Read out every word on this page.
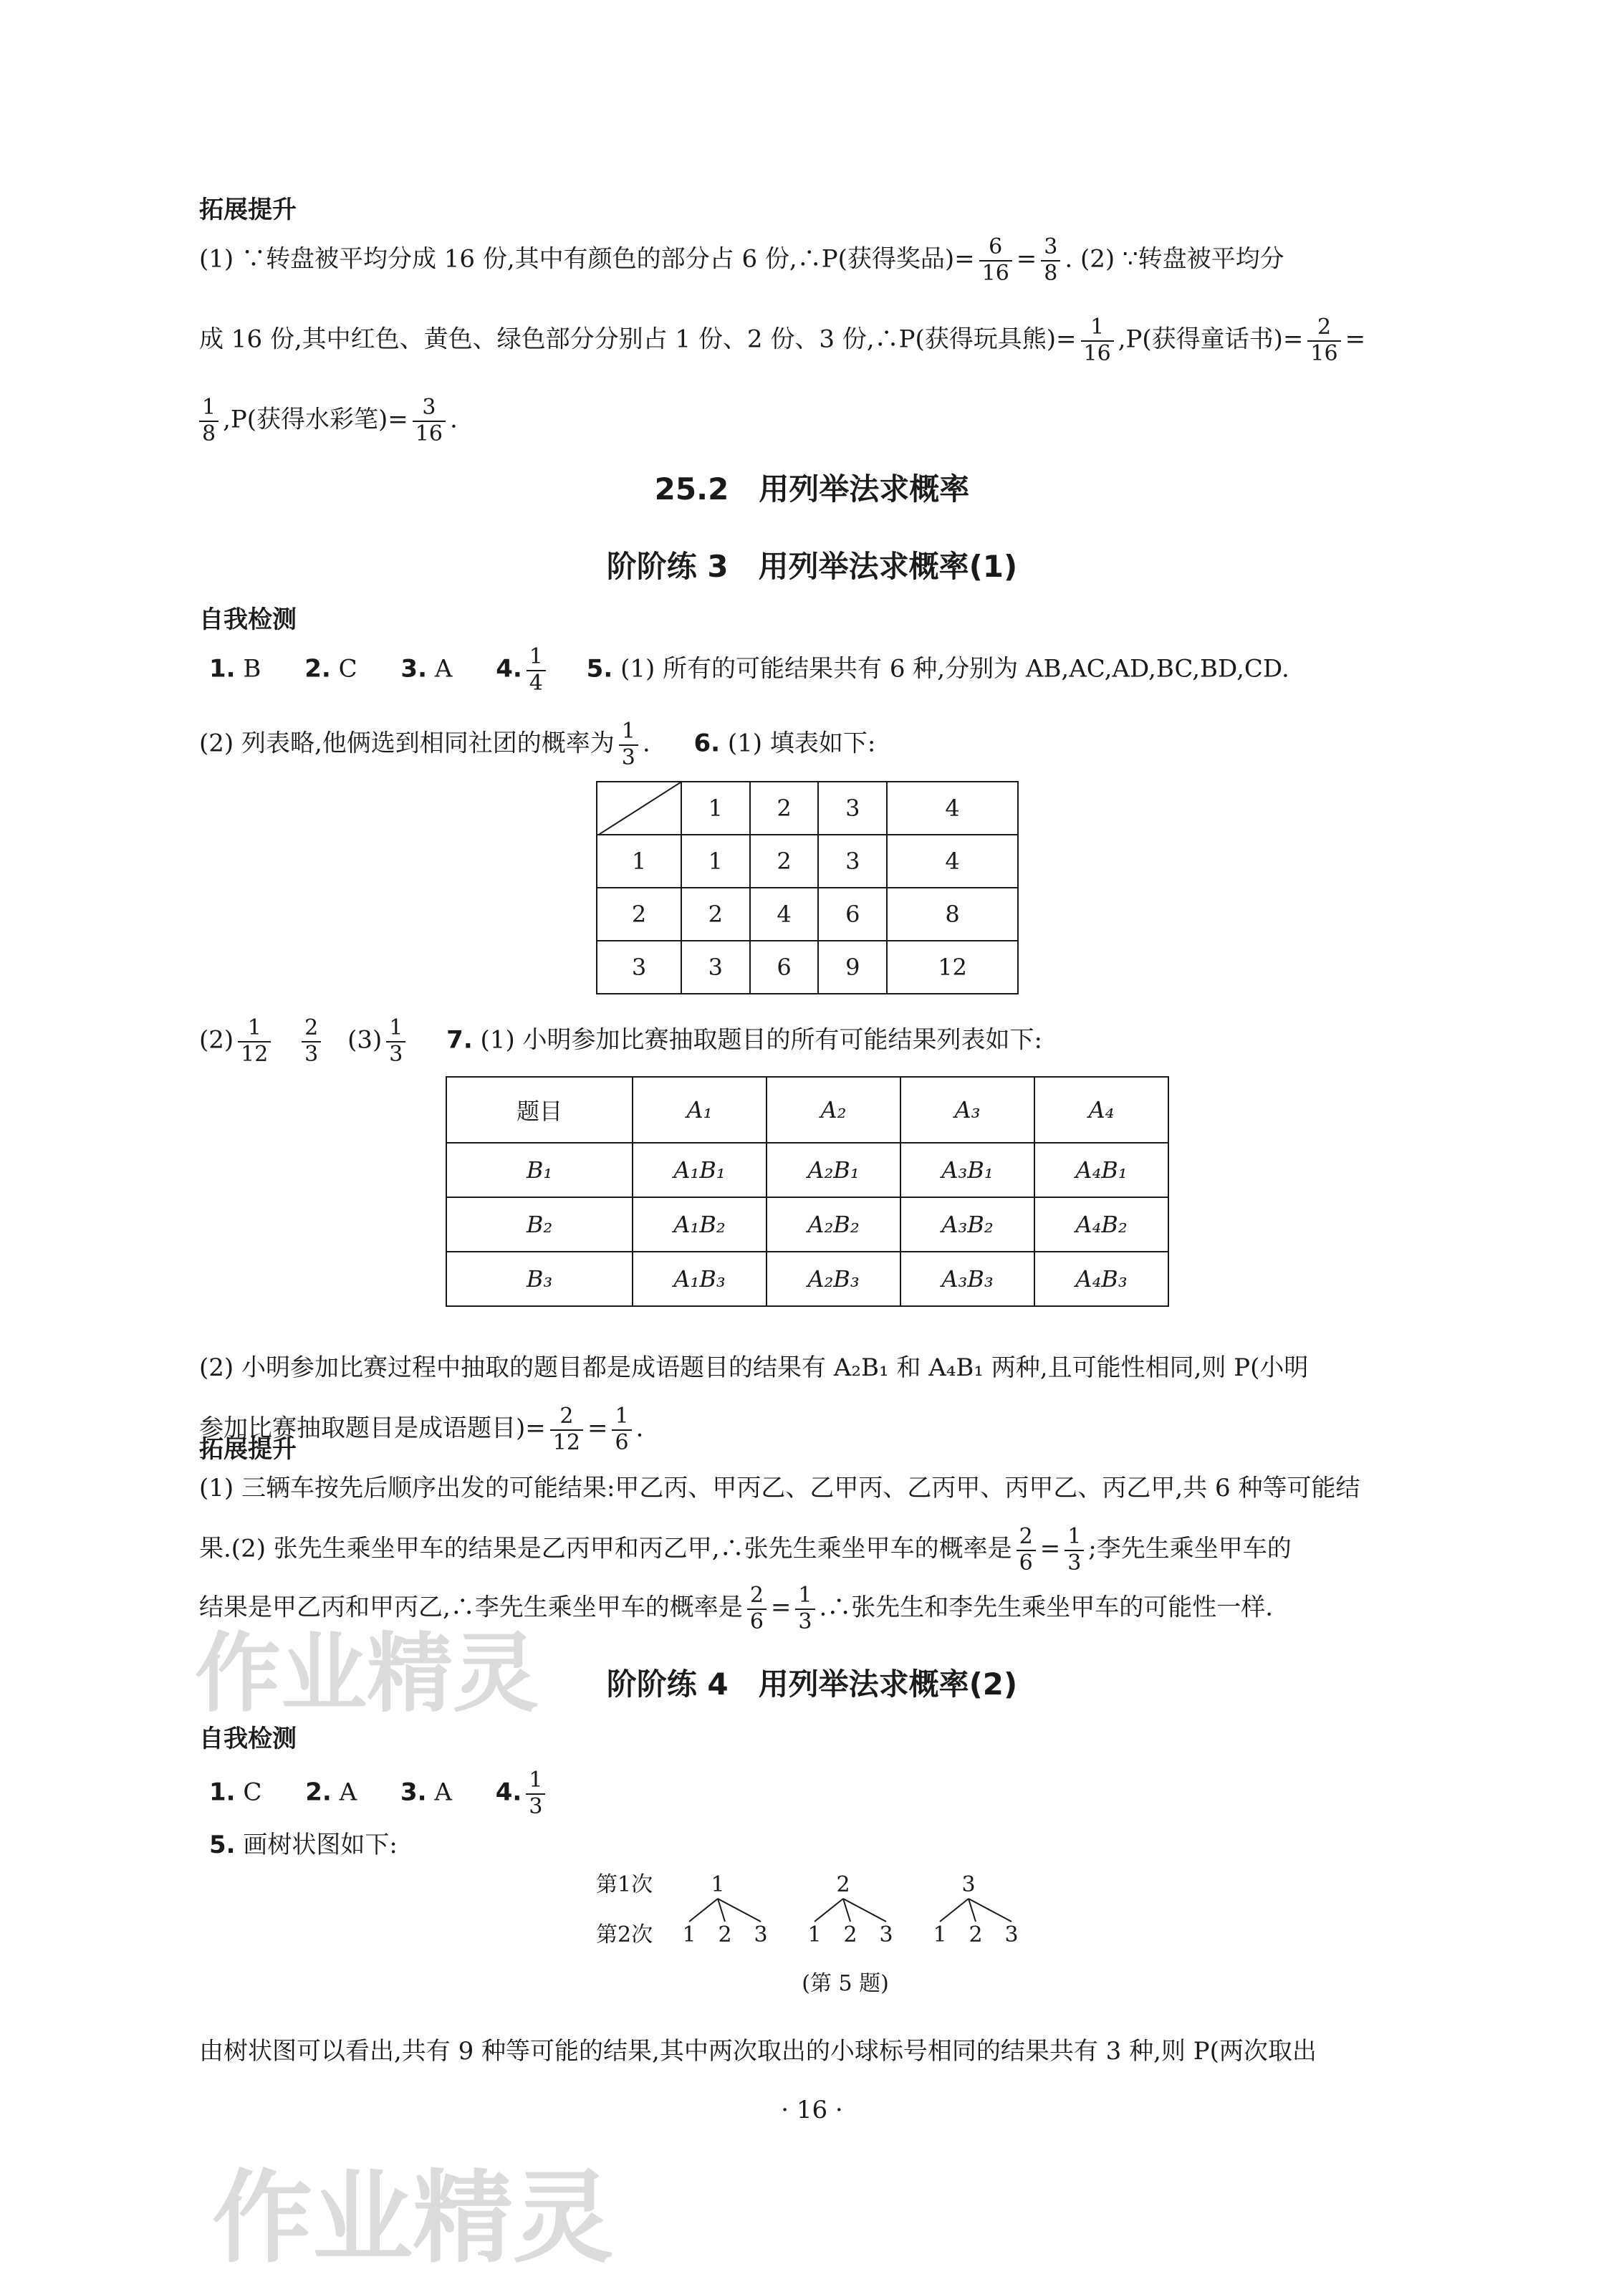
拓展提升
(1) ∵转盘被平均分成 16 份,其中有颜色的部分占 6 份,∴P(获得奖品)= $\frac{6}{16} = \frac{3}{8}$ . (2) ∵转盘被平均分
成 16 份,其中红色、黄色、绿色部分分别占 1 份、2 份、3 份,∴P(获得玩具熊)= $\frac{1}{16} ,P$(获得童话书)= $\frac{2}{16}$ =
$\frac{1}{8} ,P$(获得水彩笔)= $\frac{3}{16}$ .
25.2　用列举法求概率
阶阶练 3　用列举法求概率(1)
自我检测
1. B 2. C 3. A 4. $\frac{1}{4} 5$. (1) 所有的可能结果共有 6 种,分别为 AB,AC,AD,BC,BD,CD.
(2) 列表略,他俩选到相同社团的概率为 $\frac{1}{3}$ . 6. (1) 填表如下:
	1	2	3	4
1	1	2	3	4
2	2	4	6	8
3	3	6	9	12
$(2) \frac{1}{12}$
$\frac{2}{3} (3) \frac{1}{3} 7$. (1) 小明参加比赛抽取题目的所有可能结果列表如下:
题目	A₁	A₂	A₃	A₄
B₁	A₁B₁	A₂B₁	A₃B₁	A₄B₁
B₂	A₁B₂	A₂B₂	A₃B₂	A₄B₂
B₃	A₁B₃	A₂B₃	A₃B₃	A₄B₃
(2) 小明参加比赛过程中抽取的题目都是成语题目的结果有 A₂B₁ 和 A₄B₁ 两种,且可能性相同,则 P(小明
参加比赛抽取题目是成语题目)= $\frac{2}{12} = \frac{1}{6}$ .
拓展提升
(1) 三辆车按先后顺序出发的可能结果:甲乙丙、甲丙乙、乙甲丙、乙丙甲、丙甲乙、丙乙甲,共 6 种等可能结
果.(2) 张先生乘坐甲车的结果是乙丙甲和丙乙甲,∴张先生乘坐甲车的概率是 $\frac{2}{6} = \frac{1}{3}$ ;李先生乘坐甲车的
结果是甲乙丙和甲丙乙,∴李先生乘坐甲车的概率是 $\frac{2}{6} = \frac{1}{3}$ .∴张先生和李先生乘坐甲车的可能性一样.
作业精灵	阶阶练 4　用列举法求概率(2)
自我检测
1. C 2. A 3. A 4. $\frac{1}{3}$
5. 画树状图如下:
第1次
第2次
1	2	3
1 2 3 1 2 3 1 2 3
(第 5 题)
由树状图可以看出,共有 9 种等可能的结果,其中两次取出的小球标号相同的结果共有 3 种,则 P(两次取出
· 16 ·
作业精灵
